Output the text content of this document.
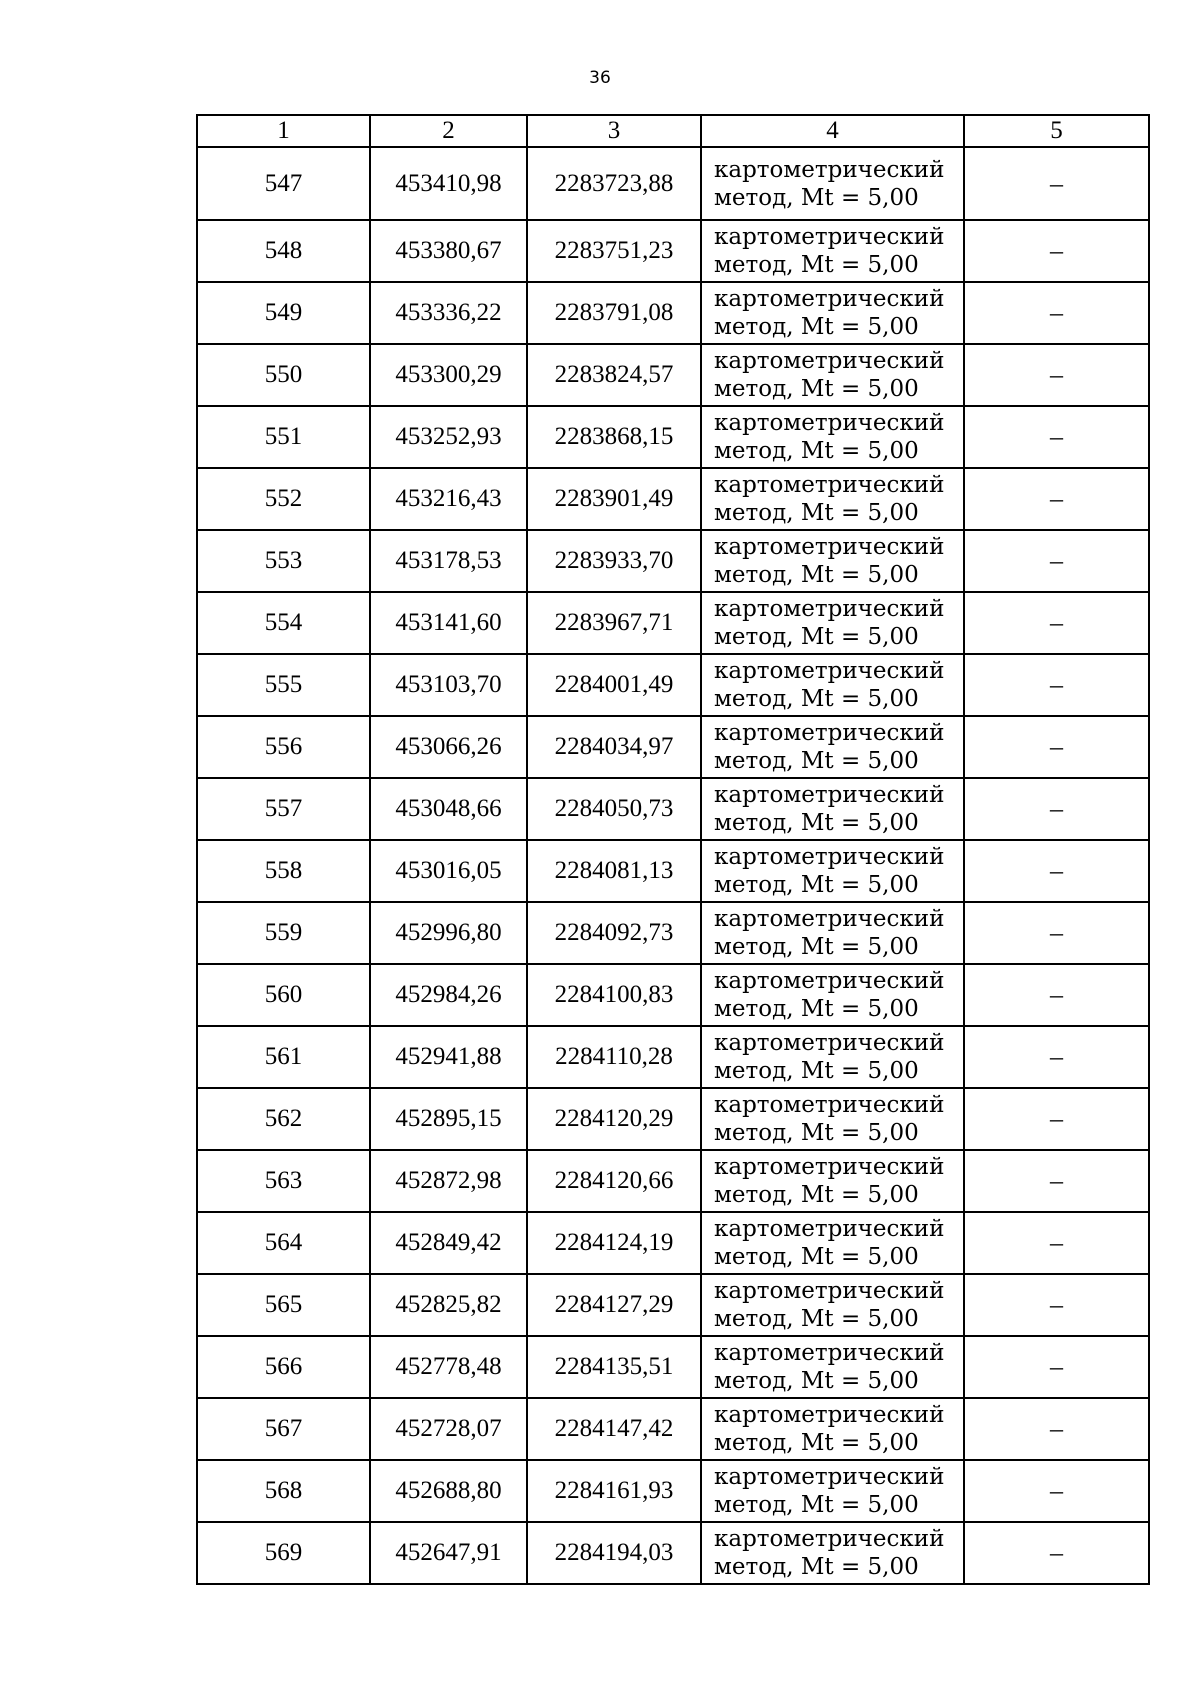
36
1	2	3	4	5
547	453410,98	2283723,88	картометрический
метод, Mt = 5,00	–
548	453380,67	2283751,23	картометрический
метод, Mt = 5,00	–
549	453336,22	2283791,08	картометрический
метод, Mt = 5,00	–
550	453300,29	2283824,57	картометрический
метод, Mt = 5,00	–
551	453252,93	2283868,15	картометрический
метод, Mt = 5,00	–
552	453216,43	2283901,49	картометрический
метод, Mt = 5,00	–
553	453178,53	2283933,70	картометрический
метод, Mt = 5,00	–
554	453141,60	2283967,71	картометрический
метод, Mt = 5,00	–
555	453103,70	2284001,49	картометрический
метод, Mt = 5,00	–
556	453066,26	2284034,97	картометрический
метод, Mt = 5,00	–
557	453048,66	2284050,73	картометрический
метод, Mt = 5,00	–
558	453016,05	2284081,13	картометрический
метод, Mt = 5,00	–
559	452996,80	2284092,73	картометрический
метод, Mt = 5,00	–
560	452984,26	2284100,83	картометрический
метод, Mt = 5,00	–
561	452941,88	2284110,28	картометрический
метод, Mt = 5,00	–
562	452895,15	2284120,29	картометрический
метод, Mt = 5,00	–
563	452872,98	2284120,66	картометрический
метод, Mt = 5,00	–
564	452849,42	2284124,19	картометрический
метод, Mt = 5,00	–
565	452825,82	2284127,29	картометрический
метод, Mt = 5,00	–
566	452778,48	2284135,51	картометрический
метод, Mt = 5,00	–
567	452728,07	2284147,42	картометрический
метод, Mt = 5,00	–
568	452688,80	2284161,93	картометрический
метод, Mt = 5,00	–
569	452647,91	2284194,03	картометрический
метод, Mt = 5,00	–
